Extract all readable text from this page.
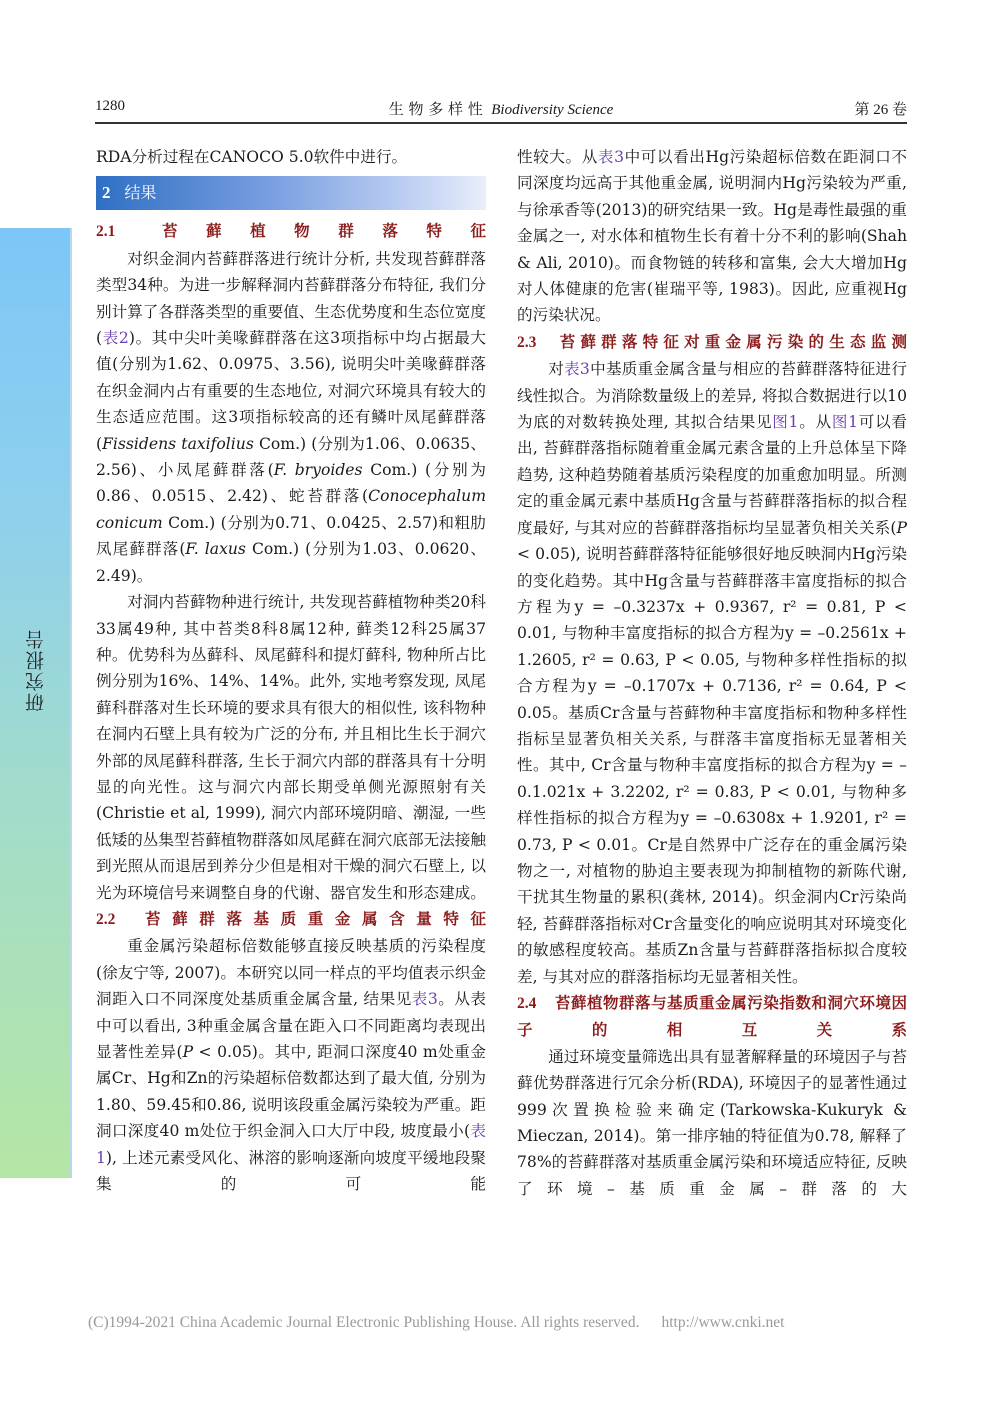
1280	生 物 多 样 性 Biodiversity Science	第 26 卷
研究报告

RDA分析过程在CANOCO 5.0软件中进行。

2 结果

2.1 苔藓植物群落特征

对织金洞内苔藓群落进行统计分析, 共发现苔藓群落类型34种。为进一步解释洞内苔藓群落分布特征, 我们分别计算了各群落类型的重要值、生态优势度和生态位宽度(表2)。其中尖叶美喙藓群落在这3项指标中均占据最大值(分别为1.62、0.0975、3.56), 说明尖叶美喙藓群落在织金洞内占有重要的生态地位, 对洞穴环境具有较大的生态适应范围。这3项指标较高的还有鳞叶凤尾藓群落(Fissidens taxifolius Com.) (分别为1.06、0.0635、2.56)、小凤尾藓群落(F. bryoides Com.) (分别为0.86、0.0515、2.42)、蛇苔群落(Conocephalum conicum Com.) (分别为0.71、0.0425、2.57)和粗肋凤尾藓群落(F. laxus Com.) (分别为1.03、0.0620、2.49)。

对洞内苔藓物种进行统计, 共发现苔藓植物种类20科33属49种, 其中苔类8科8属12种, 藓类12科25属37种。优势科为丛藓科、凤尾藓科和提灯藓科, 物种所占比例分别为16%、14%、14%。此外, 实地考察发现, 凤尾藓科群落对生长环境的要求具有很大的相似性, 该科物种在洞内石壁上具有较为广泛的分布, 并且相比生长于洞穴外部的凤尾藓科群落, 生长于洞穴内部的群落具有十分明显的向光性。这与洞穴内部长期受单侧光源照射有关(Christie et al, 1999), 洞穴内部环境阴暗、潮湿, 一些低矮的丛集型苔藓植物群落如凤尾藓在洞穴底部无法接触到光照从而退居到养分少但是相对干燥的洞穴石壁上, 以光为环境信号来调整自身的代谢、器官发生和形态建成。

2.2 苔藓群落基质重金属含量特征

重金属污染超标倍数能够直接反映基质的污染程度(徐友宁等, 2007)。本研究以同一样点的平均值表示织金洞距入口不同深度处基质重金属含量, 结果见表3。从表中可以看出, 3种重金属含量在距入口不同距离均表现出显著性差异(P < 0.05)。其中, 距洞口深度40 m处重金属Cr、Hg和Zn的污染超标倍数都达到了最大值, 分别为1.80、59.45和0.86, 说明该段重金属污染较为严重。距洞口深度40 m处位于织金洞入口大厅中段, 坡度最小(表1), 上述元素受风化、淋溶的影响逐渐向坡度平缓地段聚集的可能

性较大。从表3中可以看出Hg污染超标倍数在距洞口不同深度均远高于其他重金属, 说明洞内Hg污染较为严重, 与徐承香等(2013)的研究结果一致。Hg是毒性最强的重金属之一, 对水体和植物生长有着十分不利的影响(Shah & Ali, 2010)。而食物链的转移和富集, 会大大增加Hg对人体健康的危害(崔瑞平等, 1983)。因此, 应重视Hg的污染状况。

2.3 苔藓群落特征对重金属污染的生态监测

对表3中基质重金属含量与相应的苔藓群落特征进行线性拟合。为消除数量级上的差异, 将拟合数据进行以10为底的对数转换处理, 其拟合结果见图1。从图1可以看出, 苔藓群落指标随着重金属元素含量的上升总体呈下降趋势, 这种趋势随着基质污染程度的加重愈加明显。所测定的重金属元素中基质Hg含量与苔藓群落指标的拟合程度最好, 与其对应的苔藓群落指标均呈显著负相关关系(P < 0.05), 说明苔藓群落特征能够很好地反映洞内Hg污染的变化趋势。其中Hg含量与苔藓群落丰富度指标的拟合方程为y = –0.3237x + 0.9367, r² = 0.81, P < 0.01, 与物种丰富度指标的拟合方程为y = –0.2561x + 1.2605, r² = 0.63, P < 0.05, 与物种多样性指标的拟合方程为y = –0.1707x + 0.7136, r² = 0.64, P < 0.05。基质Cr含量与苔藓物种丰富度指标和物种多样性指标呈显著负相关关系, 与群落丰富度指标无显著相关性。其中, Cr含量与物种丰富度指标的拟合方程为y = –0.1.021x + 3.2202, r² = 0.83, P < 0.01, 与物种多样性指标的拟合方程为y = –0.6308x + 1.9201, r² = 0.73, P < 0.01。Cr是自然界中广泛存在的重金属污染物之一, 对植物的胁迫主要表现为抑制植物的新陈代谢, 干扰其生物量的累积(龚林, 2014)。织金洞内Cr污染尚轻, 苔藓群落指标对Cr含量变化的响应说明其对环境变化的敏感程度较高。基质Zn含量与苔藓群落指标拟合度较差, 与其对应的群落指标均无显著相关性。

2.4 苔藓植物群落与基质重金属污染指数和洞穴环境因子的相互关系

通过环境变量筛选出具有显著解释量的环境因子与苔藓优势群落进行冗余分析(RDA), 环境因子的显著性通过999次置换检验来确定(Tarkowska-Kukuryk & Mieczan, 2014)。第一排序轴的特征值为0.78, 解释了78%的苔藓群落对基质重金属污染和环境适应特征, 反映了环境–基质重金属–群落的大

(C)1994-2021 China Academic Journal Electronic Publishing House. All rights reserved. http://www.cnki.net
